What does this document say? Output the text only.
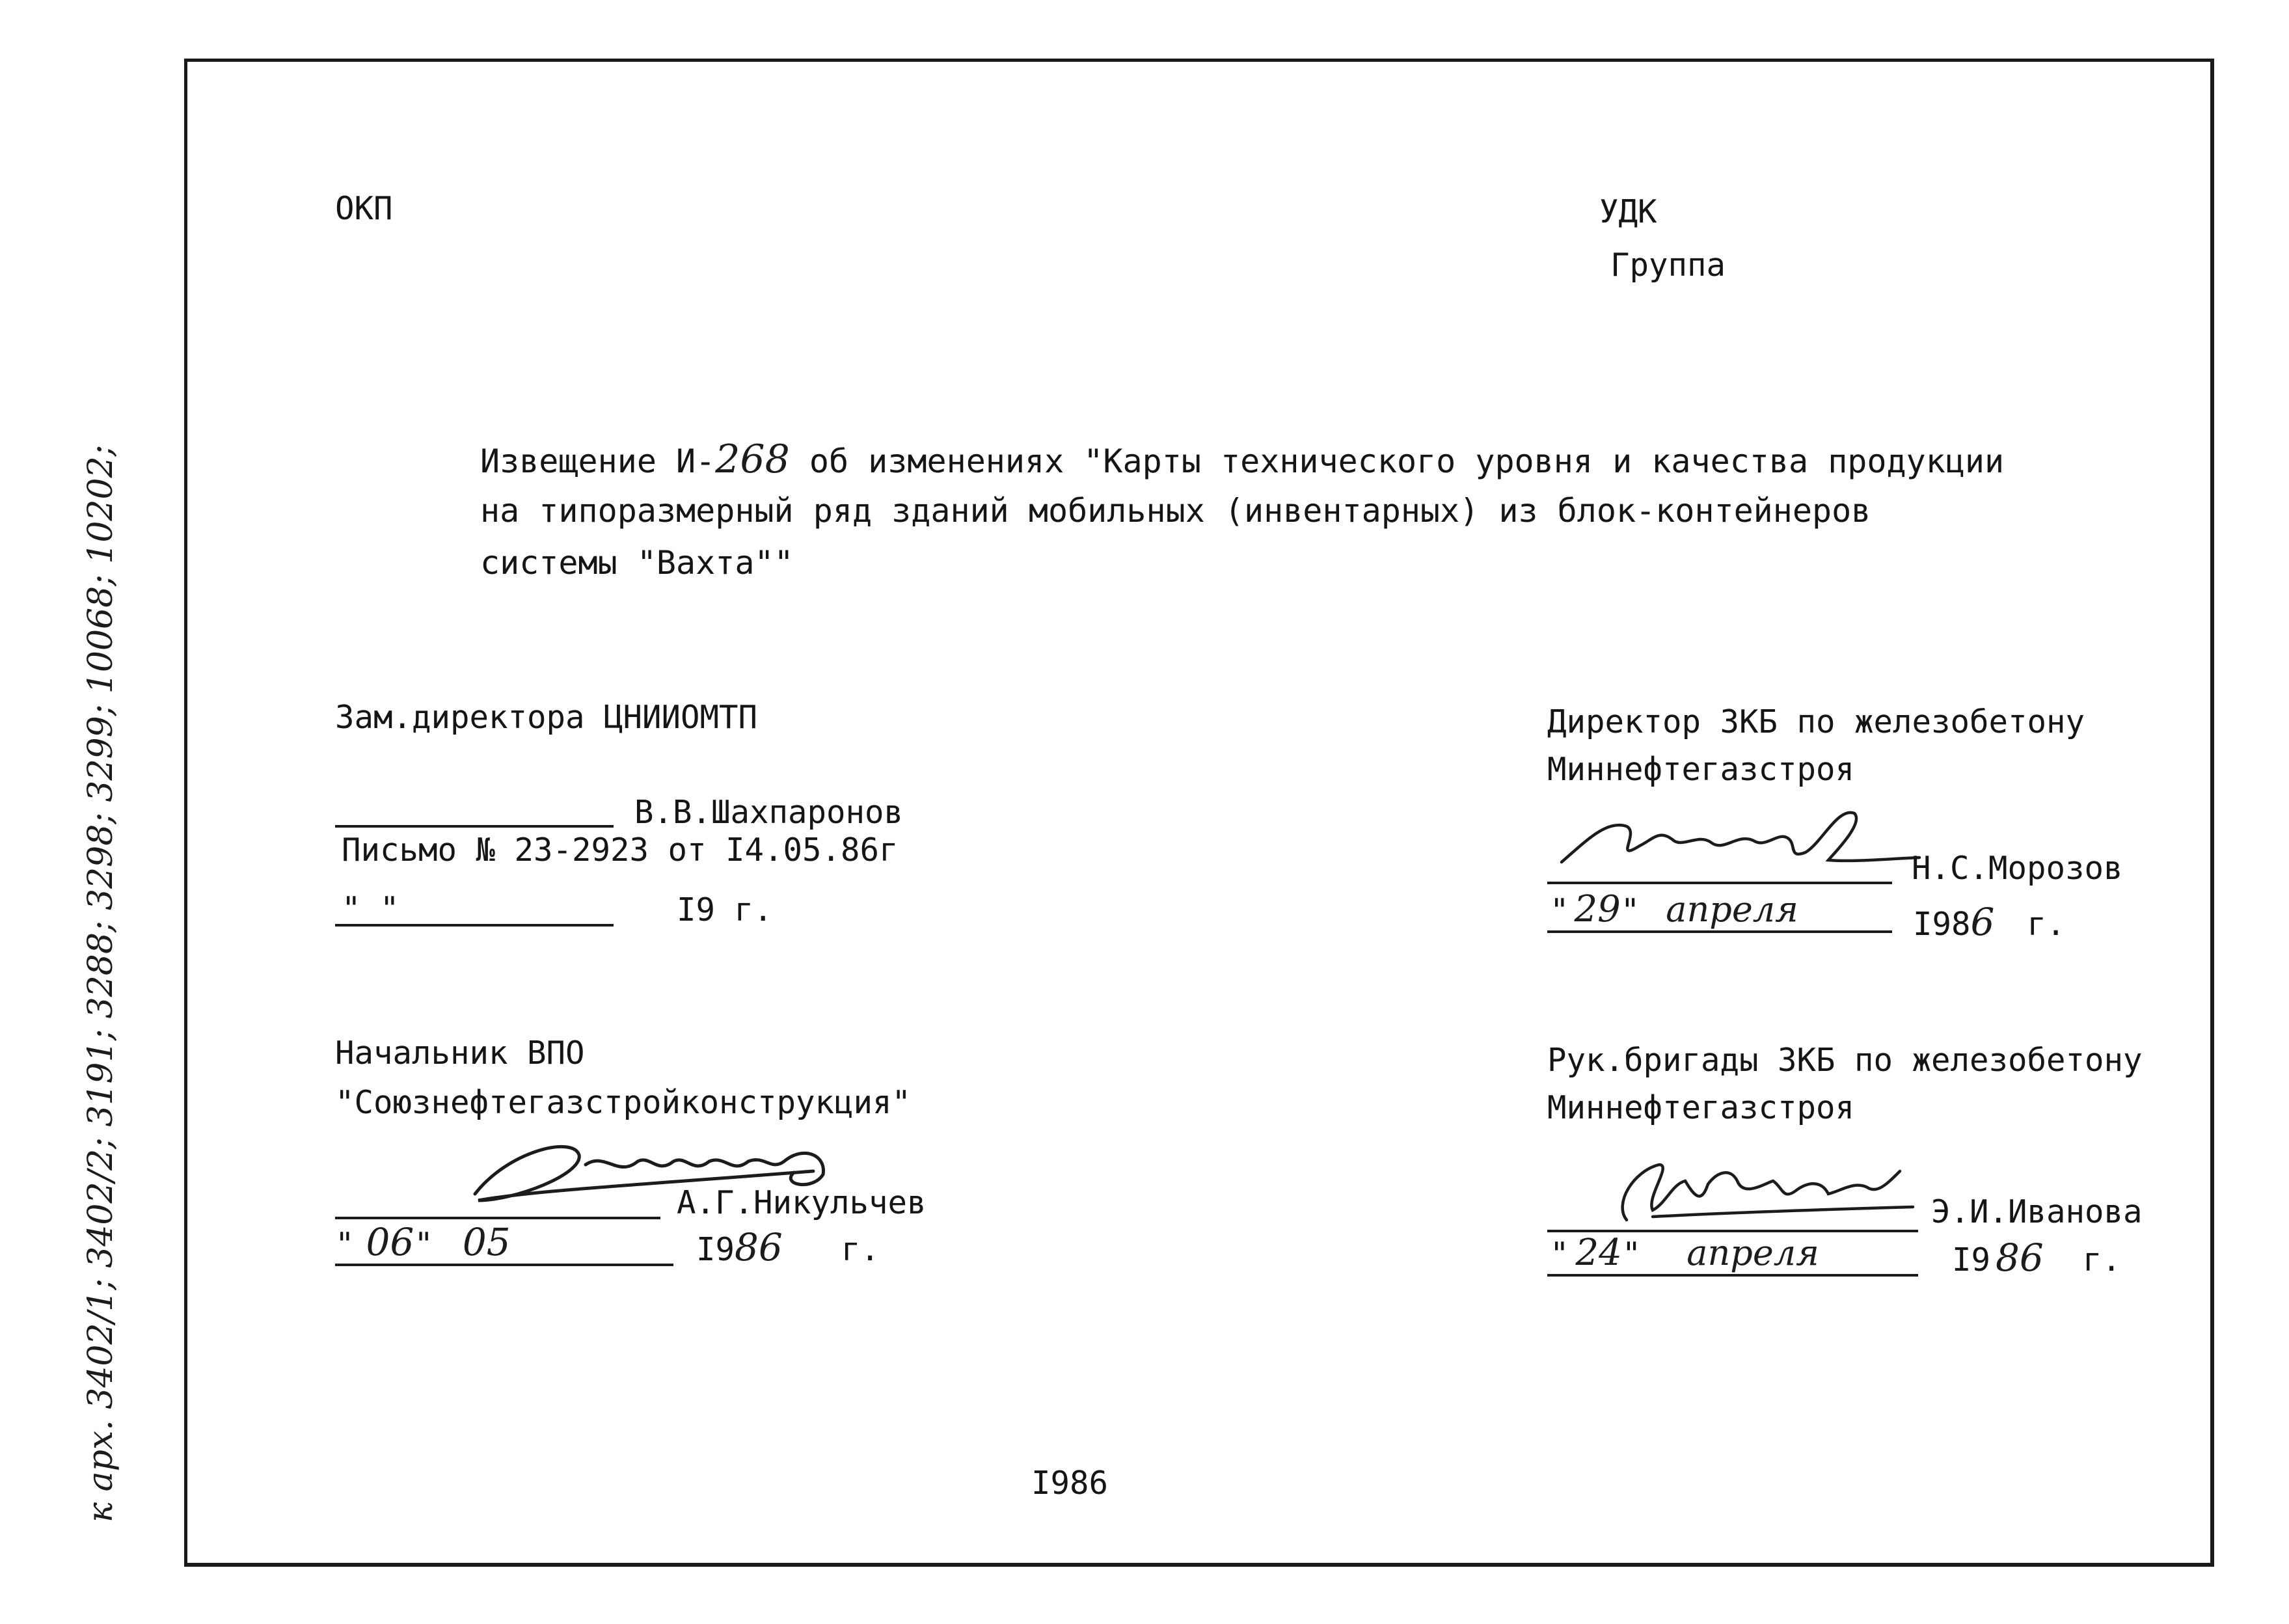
к арх. 3402/1; 3402/2; 3191; 3288; 3298; 3299; 10068; 10202;
ОКП	УДК
Группа
Извещение И-268 об изменениях "Карты технического уровня и качества продукции
на типоразмерный ряд зданий мобильных (инвентарных) из блок-контейнеров
системы "Вахта""
Зам.директора ЦНИИОМТП
В.В.Шахпаронов
Письмо № 23-2923 от I4.05.86г
" "	I9 г.
Начальник ВПО
"Союзнефтегазстройконструкция"
А.Г.Никульчев
" 06" 05	I986 г.
Директор ЗКБ по железобетону
Миннефтегазстроя
Н.С.Морозов
" 29" апреля	I986 г.
Рук.бригады ЗКБ по железобетону
Миннефтегазстроя
Э.И.Иванова
" 24" апреля	I9 86 г.
I986
